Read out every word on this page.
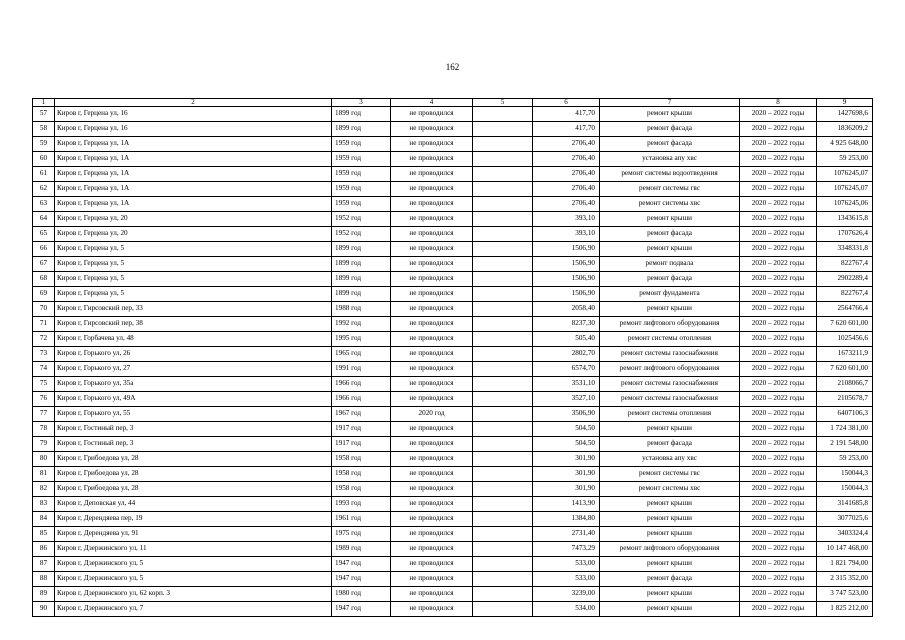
162
1	2	3	4	5	6	7	8	9
57	Киров г, Герцена ул, 16	1899 год	не проводился		417,70	ремонт крыши	2020 – 2022 годы	1427698,6
58	Киров г, Герцена ул, 16	1899 год	не проводился		417,70	ремонт фасада	2020 – 2022 годы	1836209,2
59	Киров г, Герцена ул, 1А	1959 год	не проводился		2706,40	ремонт фасада	2020 – 2022 годы	4 925 648,00
60	Киров г, Герцена ул, 1А	1959 год	не проводился		2706,40	установка апу хвс	2020 – 2022 годы	59 253,00
61	Киров г, Герцена ул, 1А	1959 год	не проводился		2706,40	ремонт системы водоотведения	2020 – 2022 годы	1076245,07
62	Киров г, Герцена ул, 1А	1959 год	не проводился		2706,40	ремонт системы гвс	2020 – 2022 годы	1076245,07
63	Киров г, Герцена ул, 1А	1959 год	не проводился		2706,40	ремонт системы хвс	2020 – 2022 годы	1076245,06
64	Киров г, Герцена ул, 20	1952 год	не проводился		393,10	ремонт крыши	2020 – 2022 годы	1343615,8
65	Киров г, Герцена ул, 20	1952 год	не проводился		393,10	ремонт фасада	2020 – 2022 годы	1707626,4
66	Киров г, Герцена ул, 5	1899 год	не проводился		1506,90	ремонт крыши	2020 – 2022 годы	3348331,8
67	Киров г, Герцена ул, 5	1899 год	не проводился		1506,90	ремонт подвала	2020 – 2022 годы	822767,4
68	Киров г, Герцена ул, 5	1899 год	не проводился		1506,90	ремонт фасада	2020 – 2022 годы	2902289,4
69	Киров г, Герцена ул, 5	1899 год	не проводился		1506,90	ремонт фундамента	2020 – 2022 годы	822767,4
70	Киров г, Гирсовский пер, 33	1988 год	не проводился		2058,40	ремонт крыши	2020 – 2022 годы	2564766,4
71	Киров г, Гирсовский пер, 38	1992 год	не проводился		8237,30	ремонт лифтового оборудования	2020 – 2022 годы	7 620 601,00
72	Киров г, Горбачева ул, 48	1995 год	не проводился		505,40	ремонт системы отопления	2020 – 2022 годы	1025456,6
73	Киров г, Горького ул, 26	1965 год	не проводился		2802,70	ремонт системы газоснабжения	2020 – 2022 годы	1673211,9
74	Киров г, Горького ул, 27	1991 год	не проводился		6574,70	ремонт лифтового оборудования	2020 – 2022 годы	7 620 601,00
75	Киров г, Горького ул, 35а	1966 год	не проводился		3531,10	ремонт системы газоснабжения	2020 – 2022 годы	2108066,7
76	Киров г, Горького ул, 49А	1966 год	не проводился		3527,10	ремонт системы газоснабжения	2020 – 2022 годы	2105678,7
77	Киров г, Горького ул, 55	1967 год	2020 год		3506,90	ремонт системы отопления	2020 – 2022 годы	6407106,3
78	Киров г, Гостиный пер, 3	1917 год	не проводился		504,50	ремонт крыши	2020 – 2022 годы	1 724 381,00
79	Киров г, Гостиный пер, 3	1917 год	не проводился		504,50	ремонт фасада	2020 – 2022 годы	2 191 548,00
80	Киров г, Грибоедова ул, 28	1958 год	не проводился		301,90	установка апу хвс	2020 – 2022 годы	59 253,00
81	Киров г, Грибоедова ул, 28	1958 год	не проводился		301,90	ремонт системы гвс	2020 – 2022 годы	150044,3
82	Киров г, Грибоедова ул, 28	1958 год	не проводился		301,90	ремонт системы хвс	2020 – 2022 годы	150044,3
83	Киров г, Деповская ул, 44	1993 год	не проводился		1413,90	ремонт крыши	2020 – 2022 годы	3141685,8
84	Киров г, Дерендяева пер, 19	1961 год	не проводился		1384,80	ремонт крыши	2020 – 2022 годы	3077025,6
85	Киров г, Дерендяева ул, 91	1975 год	не проводился		2731,40	ремонт крыши	2020 – 2022 годы	3403324,4
86	Киров г, Дзержинского ул, 11	1989 год	не проводился		7473,29	ремонт лифтового оборудования	2020 – 2022 годы	10 147 468,00
87	Киров г, Дзержинского ул, 5	1947 год	не проводился		533,00	ремонт крыши	2020 – 2022 годы	1 821 794,00
88	Киров г, Дзержинского ул, 5	1947 год	не проводился		533,00	ремонт фасада	2020 – 2022 годы	2 315 352,00
89	Киров г, Дзержинского ул, 62 корп. 3	1980 год	не проводился		3239,00	ремонт крыши	2020 – 2022 годы	3 747 523,00
90	Киров г, Дзержинского ул, 7	1947 год	не проводился		534,00	ремонт крыши	2020 – 2022 годы	1 825 212,00
